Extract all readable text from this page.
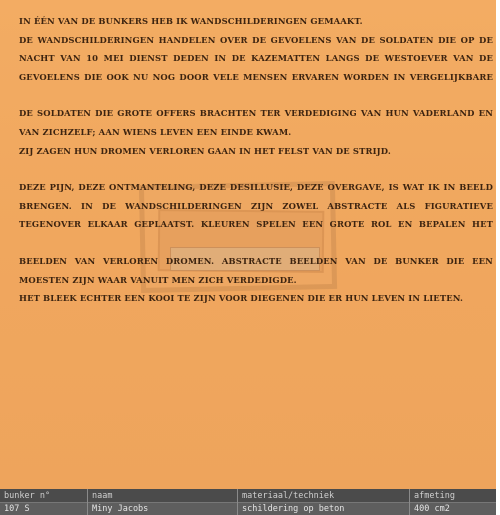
IN ÉÉN VAN DE BUNKERS HEB IK WANDSCHILDERINGEN GEMAAKT.
DE WANDSCHILDERINGEN HANDELEN OVER DE GEVOELENS VAN DE SOLDATEN DIE OP DE
NACHT VAN 10 MEI DIENST DEDEN IN DE KAZEMATTEN LANGS DE WESTOEVER VAN DE
GEVOELENS DIE OOK NU NOG DOOR VELE MENSEN ERVAREN WORDEN IN VERGELIJKBARE
DE SOLDATEN DIE GROTE OFFERS BRACHTEN TER VERDEDIGING VAN HUN VADERLAND EN
VAN ZICHZELF; AAN WIENS LEVEN EEN EINDE KWAM.
ZIJ ZAGEN HUN DROMEN VERLOREN GAAN IN HET FELST VAN DE STRIJD.
DEZE PIJN, DEZE ONTMANTELING, DEZE DESILLUSIE, DEZE OVERGAVE, IS WAT IK IN BEELD
BRENGEN. IN DE WANDSCHILDERINGEN ZIJN ZOWEL ABSTRACTE ALS FIGURATIEVE
TEGENOVER ELKAAR GEPLAATST. KLEUREN SPELEN EEN GROTE ROL EN BEPALEN HET
BEELDEN VAN VERLOREN DROMEN. ABSTRACTE BEELDEN VAN DE BUNKER DIE EEN
MOESTEN ZIJN WAAR VANUIT MEN ZICH VERDEDIGDE.
HET BLEEK ECHTER EEN KOOI TE ZIJN VOOR DIEGENEN DIE ER HUN LEVEN IN LIETEN.
bunker n°
107 S
naam
Miny Jacobs
materiaal/techniek
schildering op beton
afmeting
400 cm2
